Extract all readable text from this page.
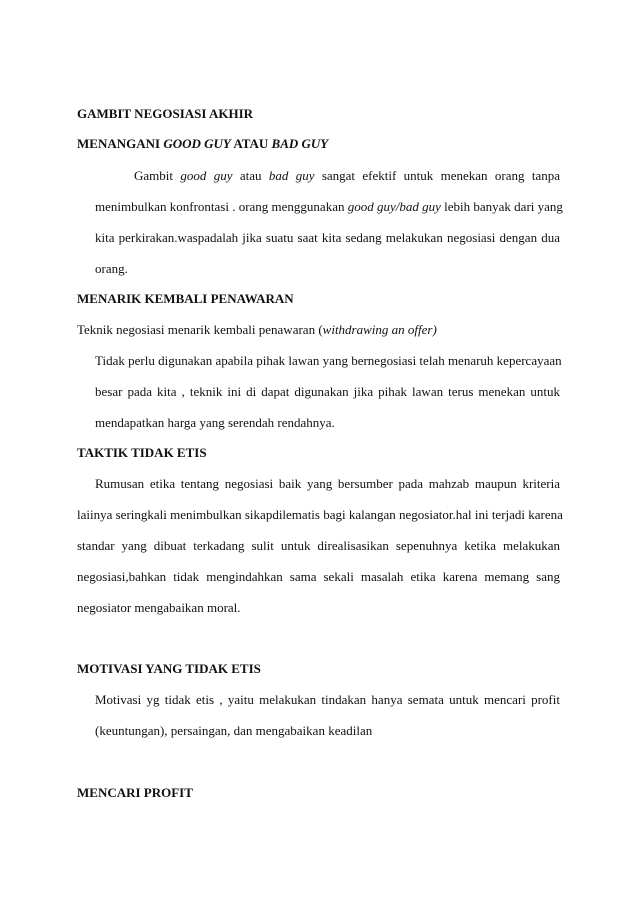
GAMBIT NEGOSIASI AKHIR
MENANGANI GOOD GUY ATAU BAD GUY
Gambit good guy atau bad guy sangat efektif untuk menekan orang tanpa
menimbulkan konfrontasi . orang menggunakan good guy/bad guy lebih banyak dari yang
kita perkirakan.waspadalah jika suatu saat kita sedang melakukan negosiasi dengan dua
orang.
MENARIK KEMBALI PENAWARAN
Teknik negosiasi menarik kembali penawaran (withdrawing an offer)
Tidak perlu digunakan apabila pihak lawan yang bernegosiasi telah menaruh kepercayaan
besar pada kita , teknik ini di dapat digunakan jika pihak lawan terus menekan untuk
mendapatkan harga yang serendah rendahnya.
TAKTIK TIDAK ETIS
Rumusan etika tentang negosiasi baik yang bersumber pada mahzab maupun kriteria
laiinya seringkali menimbulkan sikapdilematis bagi kalangan negosiator.hal ini terjadi karena
standar yang dibuat terkadang sulit untuk direalisasikan sepenuhnya ketika melakukan
negosiasi,bahkan tidak mengindahkan sama sekali masalah etika karena memang sang
negosiator mengabaikan moral.
MOTIVASI YANG TIDAK ETIS
Motivasi yg tidak etis , yaitu melakukan tindakan hanya semata untuk mencari profit
(keuntungan), persaingan, dan mengabaikan keadilan
MENCARI PROFIT
